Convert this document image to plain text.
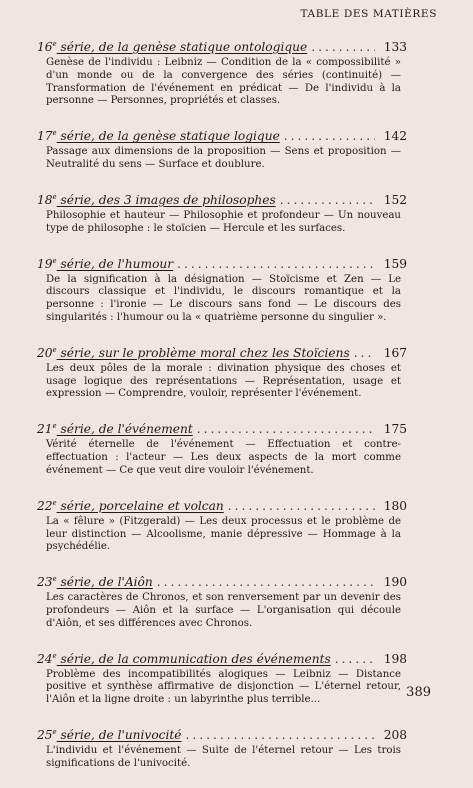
TABLE DES MATIÈRES
16e série, de la genèse statique ontologique .....	133
Genèse de l'individu : Leibniz — Condition de la « compossibilité » d'un monde ou de la convergence des séries (continuité) — Transformation de l'événement en prédicat — De l'individu à la personne — Personnes, propriétés et classes.
17e série, de la genèse statique logique .....	142
Passage aux dimensions de la proposition — Sens et proposition — Neutralité du sens — Surface et doublure.
18e série, des 3 images de philosophes .....	152
Philosophie et hauteur — Philosophie et profondeur — Un nouveau type de philosophe : le stoïcien — Hercule et les surfaces.
19e série, de l'humour .....	159
De la signification à la désignation — Stoïcisme et Zen — Le discours classique et l'individu, le discours romantique et la personne : l'ironie — Le discours sans fond — Le discours des singularités : l'humour ou la « quatrième personne du singulier ».
20e série, sur le problème moral chez les Stoïciens .....	167
Les deux pôles de la morale : divination physique des choses et usage logique des représentations — Représentation, usage et expression — Comprendre, vouloir, représenter l'événement.
21e série, de l'événement .....	175
Vérité éternelle de l'événement — Effectuation et contre-effectuation : l'acteur — Les deux aspects de la mort comme événement — Ce que veut dire vouloir l'événement.
22e série, porcelaine et volcan .....	180
La « fêlure » (Fitzgerald) — Les deux processus et le problème de leur distinction — Alcoolisme, manie dépressive — Hommage à la psychédélie.
23e série, de l'Aiôn .....	190
Les caractères de Chronos, et son renversement par un devenir des profondeurs — Aiôn et la surface — L'organisation qui découle d'Aiôn, et ses différences avec Chronos.
24e série, de la communication des événements .....	198
Problème des incompatibilités alogiques — Leibniz — Distance positive et synthèse affirmative de disjonction — L'éternel retour, l'Aiôn et la ligne droite : un labyrinthe plus terrible...
25e série, de l'univocité .....	208
L'individu et l'événement — Suite de l'éternel retour — Les trois significations de l'univocité.
389
